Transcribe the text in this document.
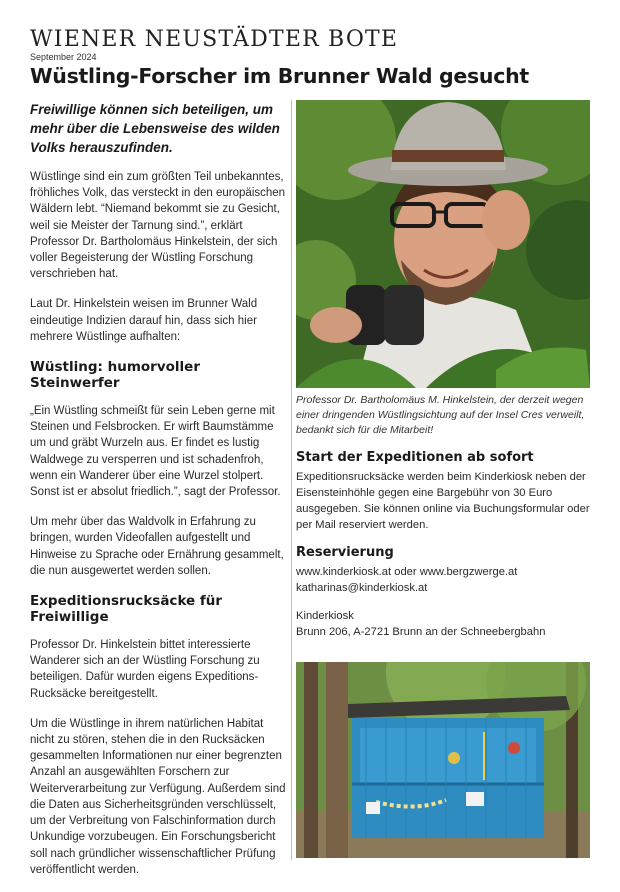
WIENER NEUSTÄDTER BOTE
September 2024
Wüstling-Forscher im Brunner Wald gesucht

Freiwillige können sich beteiligen, um mehr über die Lebensweise des wilden Volks herauszufinden.

Wüstlinge sind ein zum größten Teil unbekanntes, fröhliches Volk, das versteckt in den europäischen Wäldern lebt. “Niemand bekommt sie zu Gesicht, weil sie Meister der Tarnung sind.”, erklärt Professor Dr. Bartholomäus Hinkelstein, der sich voller Begeisterung der Wüstling Forschung verschrieben hat.

Laut Dr. Hinkelstein weisen im Brunner Wald eindeutige Indizien darauf hin, dass sich hier mehrere Wüstlinge aufhalten:

Wüstling: humorvoller Steinwerfer

„Ein Wüstling schmeißt für sein Leben gerne mit Steinen und Felsbrocken. Er wirft Baumstämme um und gräbt Wurzeln aus. Er findet es lustig Waldwege zu versperren und ist schadenfroh, wenn ein Wanderer über eine Wurzel stolpert. Sonst ist er absolut friedlich.”, sagt der Professor.

Um mehr über das Waldvolk in Erfahrung zu bringen, wurden Videofallen aufgestellt und Hinweise zu Sprache oder Ernährung gesammelt, die nun ausgewertet werden sollen.

Expeditionsrucksäcke für Freiwillige

Professor Dr. Hinkelstein bittet interessierte Wanderer sich an der Wüstling Forschung zu beteiligen. Dafür wurden eigens Expeditions-Rucksäcke bereitgestellt.

Um die Wüstlinge in ihrem natürlichen Habitat nicht zu stören, stehen die in den Rucksäcken gesammelten Informationen nur einer begrenzten Anzahl an ausgewählten Forschern zur Weiterverarbeitung zur Verfügung. Außerdem sind die Daten aus Sicherheitsgründen verschlüsselt, um der Verbreitung von Falschinformation durch Unkundige vorzubeugen. Ein Forschungsbericht soll nach gründlicher wissenschaftlicher Prüfung veröffentlicht werden.

Professor Dr. Bartholomäus M. Hinkelstein, der derzeit wegen einer dringenden Wüstlingsichtung auf der Insel Cres verweilt, bedankt sich für die Mitarbeit!

Start der Expeditionen ab sofort

Expeditionsrucksäcke werden beim Kinderkiosk neben der Eisensteinhöhle gegen eine Bargebühr von 30 Euro ausgegeben. Sie können online via Buchungsformular oder per Mail reserviert werden.

Reservierung

www.kinderkiosk.at oder www.bergzwerge.at

katharinas@kinderkiosk.at

Kinderkiosk

Brunn 206, A-2721 Brunn an der Schneebergbahn
